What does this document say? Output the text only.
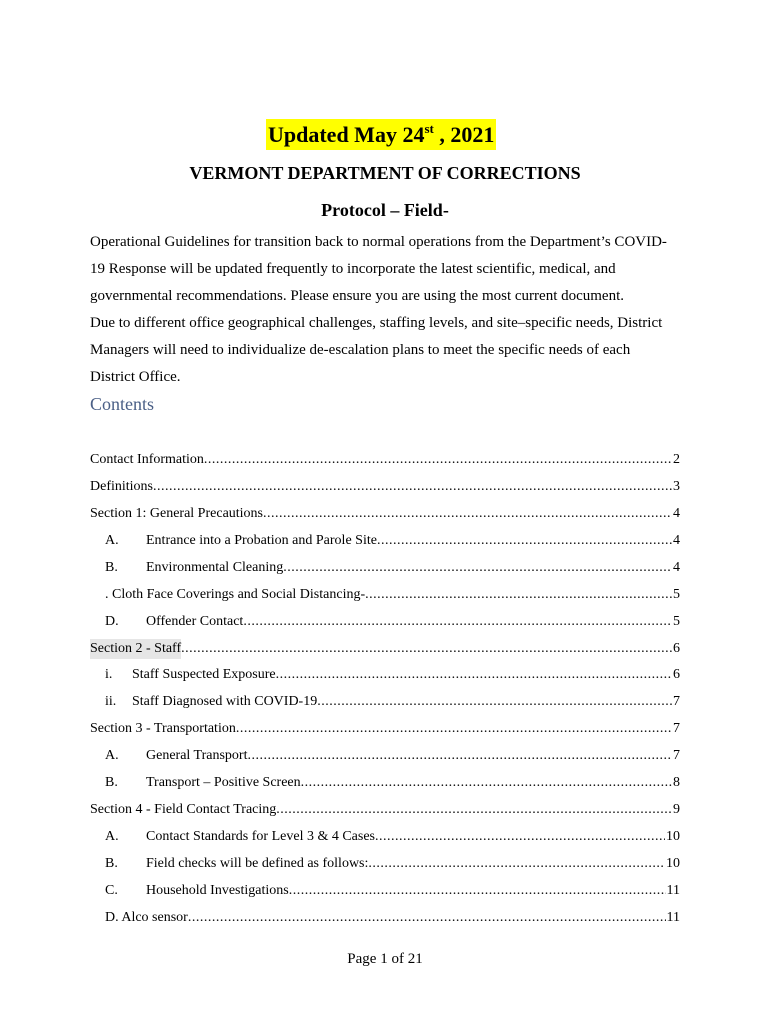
Updated May 24st , 2021
VERMONT DEPARTMENT OF CORRECTIONS
Protocol – Field-
Operational Guidelines for transition back to normal operations from the Department’s COVID-
19 Response will be updated frequently to incorporate the latest scientific, medical, and
governmental recommendations. Please ensure you are using the most current document.
Due to different office geographical challenges, staffing levels, and site–specific needs, District
Managers will need to individualize de-escalation plans to meet the specific needs of each
District Office.
Contents
Contact Information .....	2
Definitions .....	3
Section 1: General Precautions .....	4
A.	Entrance into a Probation and Parole Site .....	4
B.	Environmental Cleaning .....	4
. Cloth Face Coverings and Social Distancing- .....	5
D.	Offender Contact .....	5
Section 2 - Staff .....	6
i.	Staff Suspected Exposure .....	6
ii.	Staff Diagnosed with COVID-19 .....	7
Section 3 - Transportation .....	7
A.	General Transport .....	7
B.	Transport – Positive Screen .....	8
Section 4 - Field Contact Tracing .....	9
A.	Contact Standards for Level 3 & 4 Cases .....	10
B.	Field checks will be defined as follows: .....	10
C.	Household Investigations .....	11
D. Alco sensor .....	11
Page 1 of 21
